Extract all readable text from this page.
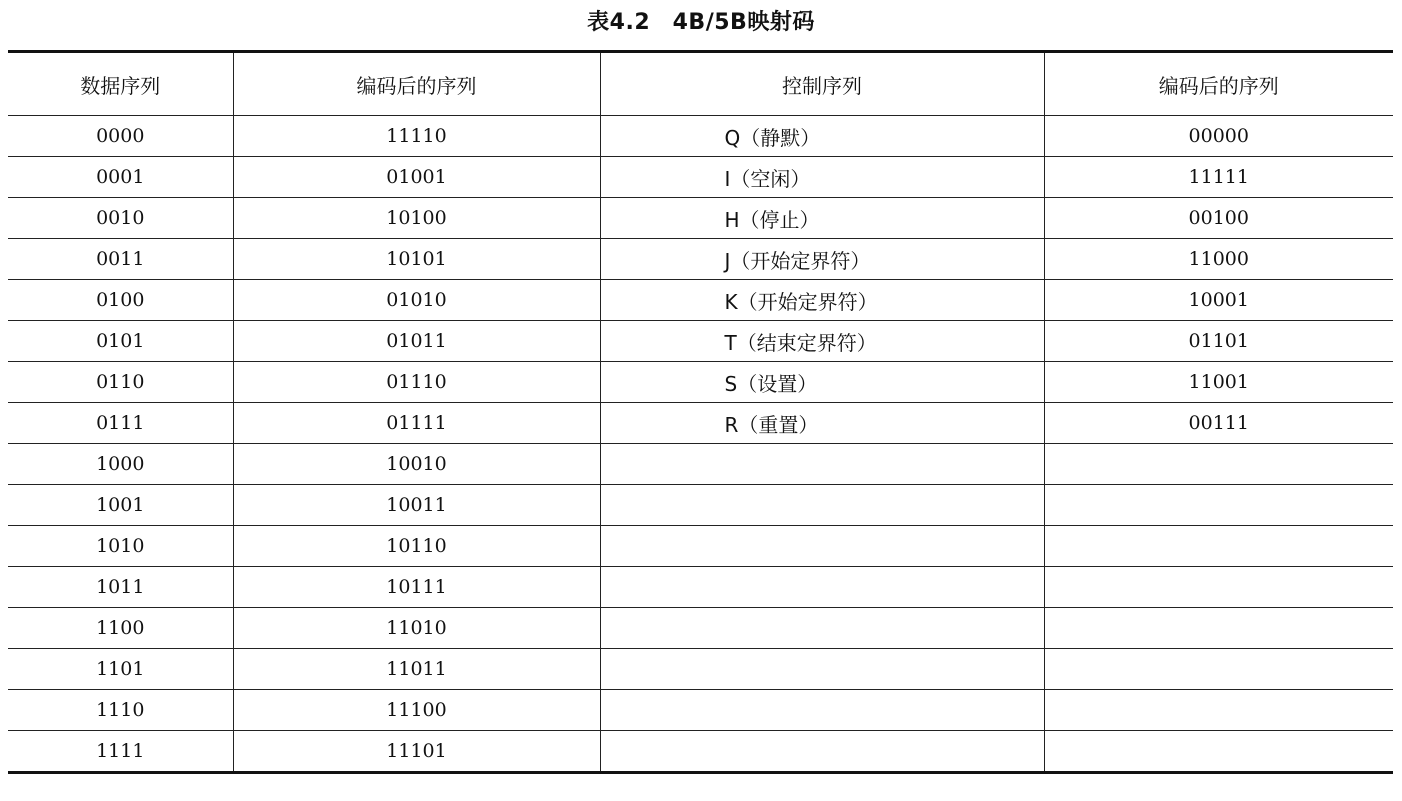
表4.2　4B/5B映射码
数据序列	编码后的序列	控制序列	编码后的序列
0000	11110	Q（静默）	00000
0001	01001	I（空闲）	11111
0010	10100	H（停止）	00100
0011	10101	J（开始定界符）	11000
0100	01010	K（开始定界符）	10001
0101	01011	T（结束定界符）	01101
0110	01110	S（设置）	11001
0111	01111	R（重置）	00111
1000	10010		
1001	10011		
1010	10110		
1011	10111		
1100	11010		
1101	11011		
1110	11100		
1111	11101		
